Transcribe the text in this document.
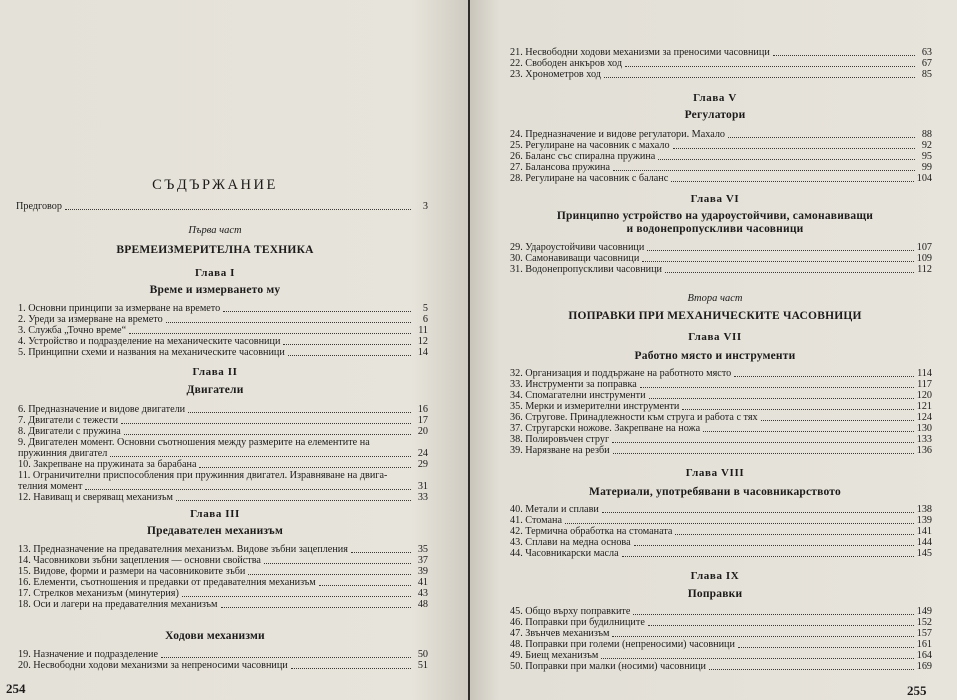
СЪДЪРЖАНИЕ
Предговор	3
Първа част
ВРЕМЕИЗМЕРИТЕЛНА ТЕХНИКА
Глава I
Време и измерването му
1. Основни принципи за измерване на времето	5
2. Уреди за измерване на времето	6
3. Служба „Точно време“	11
4. Устройство и подразделение на механическите часовници	12
5. Принципни схеми и названия на механическите часовници	14
Глава II
Двигатели
6. Предназначение и видове двигатели	16
7. Двигатели с тежести	17
8. Двигатели с пружина	20
9. Двигателен момент. Основни съотношения между размерите на елементите на
пружинния двигател	24
10. Закрепване на пружината за барабана	29
11. Ограничителни приспособления при пружинния двигател. Изравняване на двига-
телния момент	31
12. Навиващ и сверяващ механизъм	33
Глава III
Предавателен механизъм
13. Предназначение на предавателния механизъм. Видове зъбни зацепления	35
14. Часовникови зъбни зацепления — основни свойства	37
15. Видове, форми и размери на часовниковите зъби	39
16. Елементи, съотношения и предавки от предавателния механизъм	41
17. Стрелков механизъм (минутерия)	43
18. Оси и лагери на предавателния механизъм	48
Ходови механизми
19. Назначение и подразделение	50
20. Несвободни ходови механизми за непреносими часовници	51
254
21. Несвободни ходови механизми за преносими часовници	63
22. Свободен анкъров ход	67
23. Хронометров ход	85
Глава V
Регулатори
24. Предназначение и видове регулатори. Махало	88
25. Регулиране на часовник с махало	92
26. Баланс със спирална пружина	95
27. Балансова пружина	99
28. Регулиране на часовник с баланс	104
Глава VI
Принципно устройство на удароустойчиви, самонавиващи
и водонепропускливи часовници
29. Удароустойчиви часовници	107
30. Самонавиващи часовници	109
31. Водонепропускливи часовници	112
Втора част
ПОПРАВКИ ПРИ МЕХАНИЧЕСКИТЕ ЧАСОВНИЦИ
Глава VII
Работно място и инструменти
32. Организация и поддържане на работното място	114
33. Инструменти за поправка	117
34. Спомагателни инструменти	120
35. Мерки и измерителни инструменти	121
36. Стругове. Принадлежности към струга и работа с тях	124
37. Стругарски ножове. Закрепване на ножа	130
38. Полировъчен струг	133
39. Нарязване на резби	136
Глава VIII
Материали, употребявани в часовникарството
40. Метали и сплави	138
41. Стомана	139
42. Термична обработка на стоманата	141
43. Сплави на медна основа	144
44. Часовникарски масла	145
Глава IX
Поправки
45. Общо върху поправките	149
46. Поправки при будилниците	152
47. Звънчев механизъм	157
48. Поправки при големи (непреносими) часовници	161
49. Биещ механизъм	164
50. Поправки при малки (носими) часовници	169
255
